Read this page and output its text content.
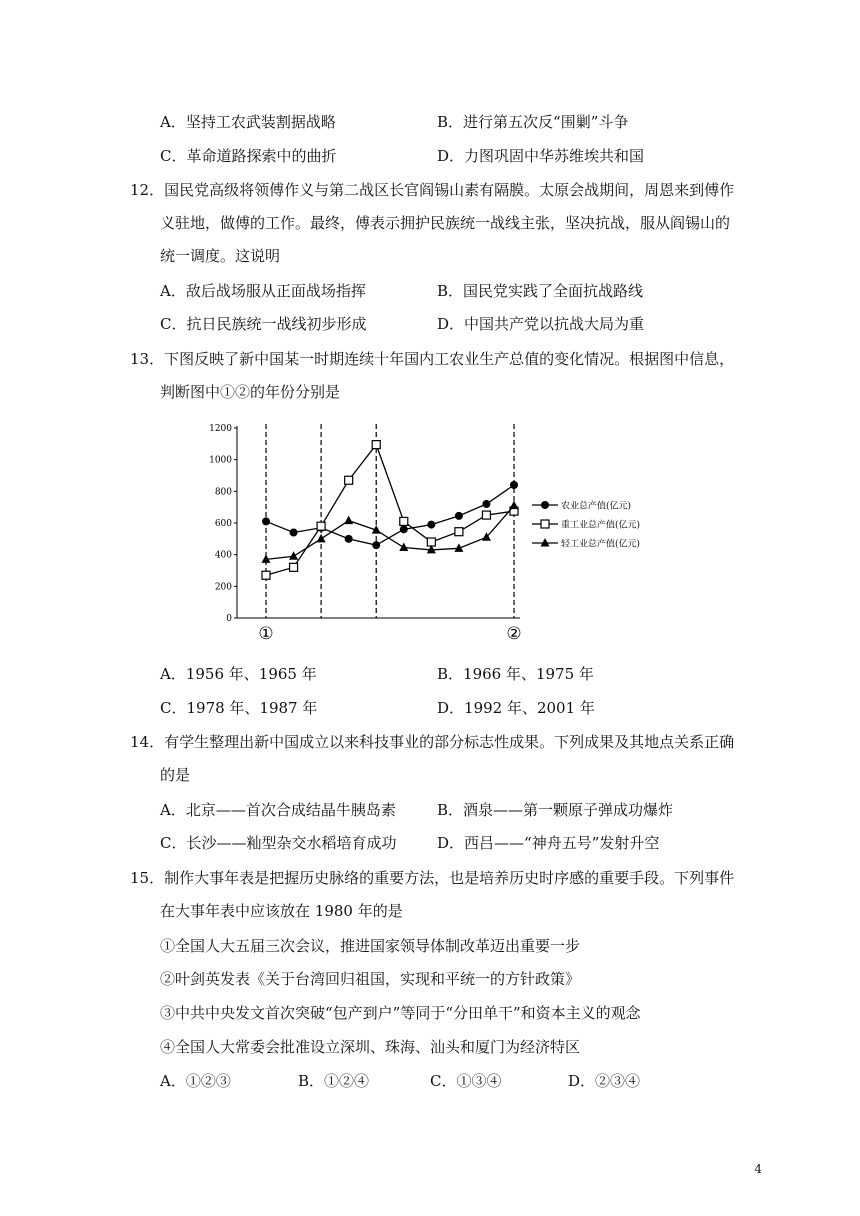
A．坚持工农武装割据战略	B．进行第五次反“围剿”斗争
C．革命道路探索中的曲折	D．力图巩固中华苏维埃共和国
12．国民党高级将领傅作义与第二战区长官阎锡山素有隔膜。太原会战期间，周恩来到傅作
义驻地，做傅的工作。最终，傅表示拥护民族统一战线主张，坚决抗战，服从阎锡山的
统一调度。这说明
A．敌后战场服从正面战场指挥	B．国民党实践了全面抗战路线
C．抗日民族统一战线初步形成	D．中国共产党以抗战大局为重
13．下图反映了新中国某一时期连续十年国内工农业生产总值的变化情况。根据图中信息，
判断图中①②的年份分别是
0
200
400
600
800
1000
1200
①	②
农业总产值(亿元)
重工业总产值(亿元)
轻工业总产值(亿元)
A．1956 年、1965 年	B．1966 年、1975 年
C．1978 年、1987 年	D．1992 年、2001 年
14．有学生整理出新中国成立以来科技事业的部分标志性成果。下列成果及其地点关系正确
的是
A．北京——首次合成结晶牛胰岛素	B．酒泉——第一颗原子弹成功爆炸
C．长沙——籼型杂交水稻培育成功	D．西吕——“神舟五号”发射升空
15．制作大事年表是把握历史脉络的重要方法，也是培养历史时序感的重要手段。下列事件
在大事年表中应该放在 1980 年的是
①全国人大五届三次会议，推进国家领导体制改革迈出重要一步
②叶剑英发表《关于台湾回归祖国，实现和平统一的方针政策》
③中共中央发文首次突破“包产到户”等同于“分田单干”和资本主义的观念
④全国人大常委会批准设立深圳、珠海、汕头和厦门为经济特区
A．①②③	B．①②④	C．①③④	D．②③④
4
